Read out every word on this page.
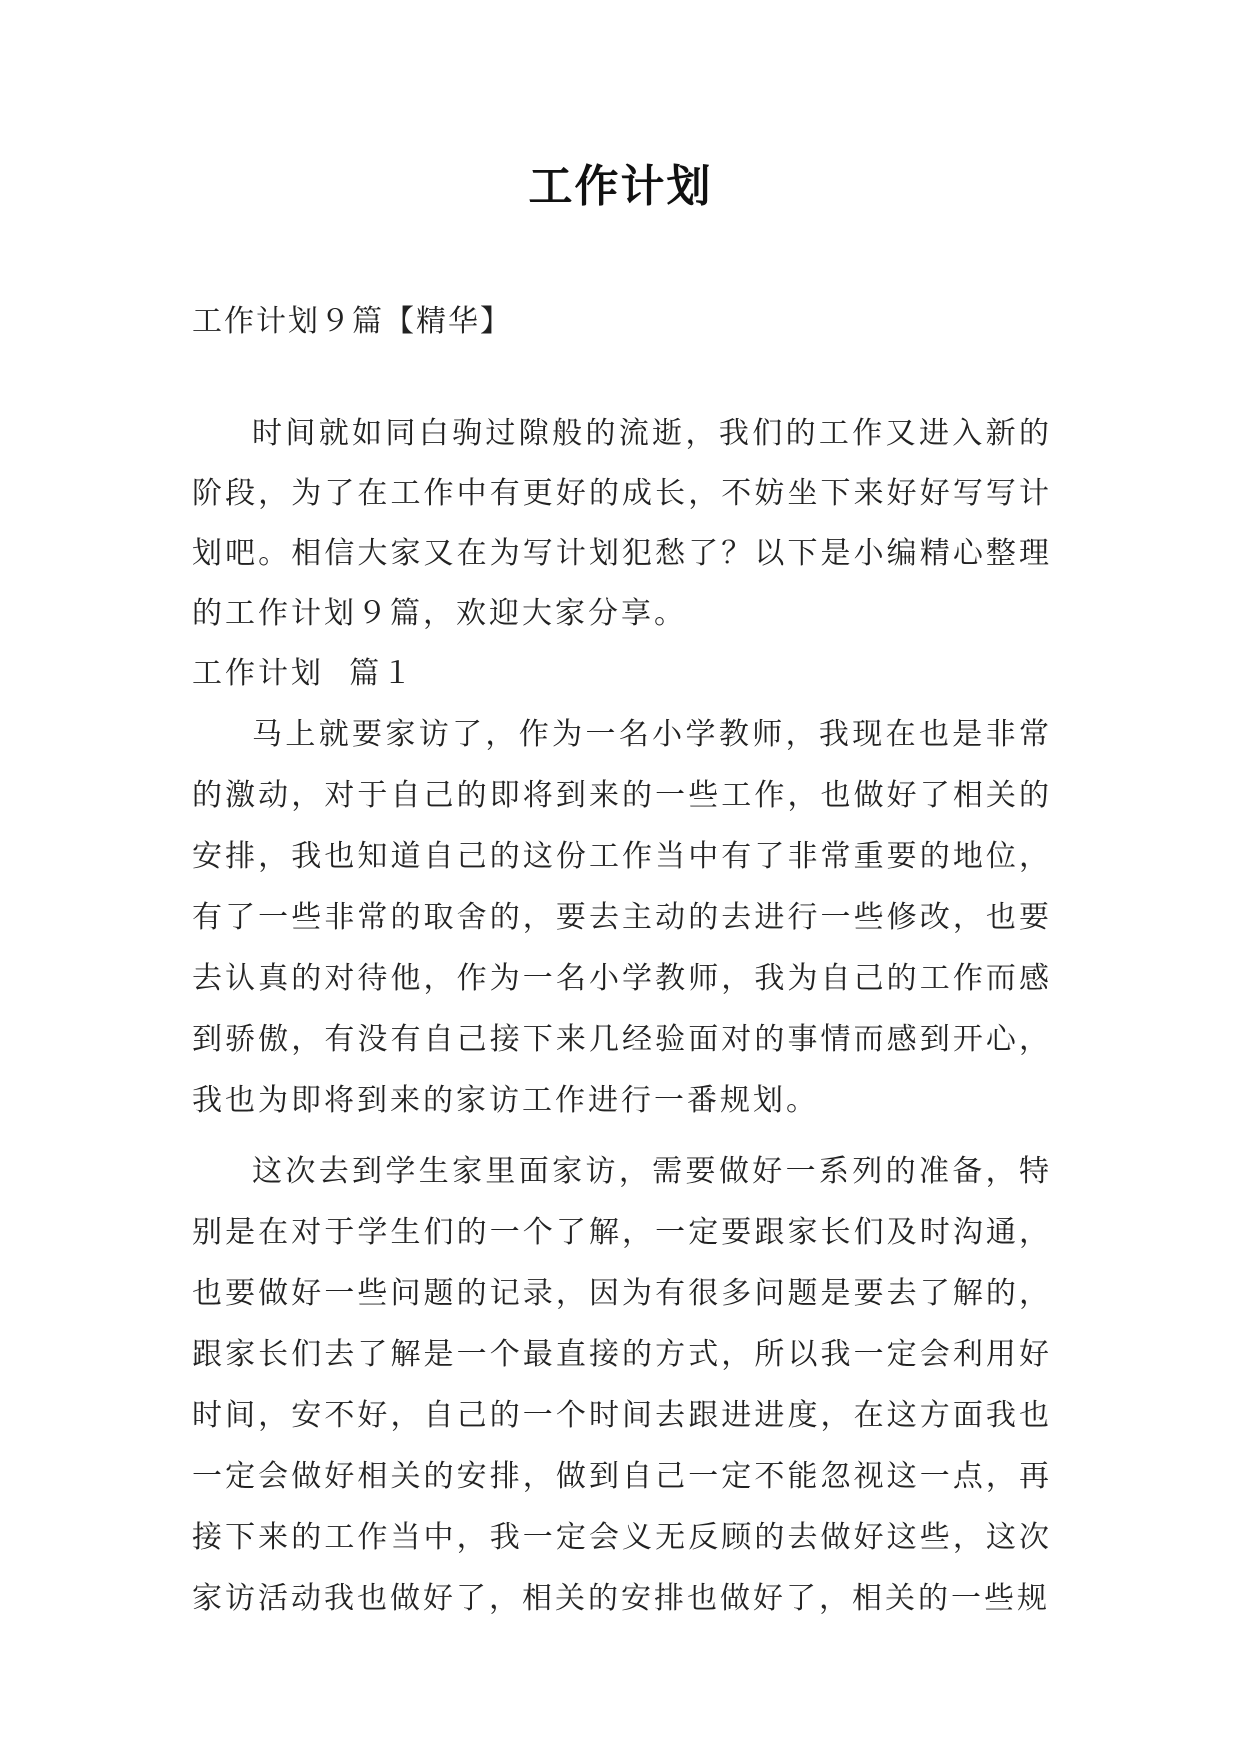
工作计划

工作计划９篇【精华】

时间就如同白驹过隙般的流逝，我们的工作又进入新的阶段，为了在工作中有更好的成长，不妨坐下来好好写写计划吧。相信大家又在为写计划犯愁了？以下是小编精心整理的工作计划９篇，欢迎大家分享。

工作计划  篇１

马上就要家访了，作为一名小学教师，我现在也是非常的激动，对于自己的即将到来的一些工作，也做好了相关的安排，我也知道自己的这份工作当中有了非常重要的地位，有了一些非常的取舍的，要去主动的去进行一些修改，也要去认真的对待他，作为一名小学教师，我为自己的工作而感到骄傲，有没有自己接下来几经验面对的事情而感到开心，我也为即将到来的家访工作进行一番规划。

这次去到学生家里面家访，需要做好一系列的准备，特别是在对于学生们的一个了解，一定要跟家长们及时沟通，也要做好一些问题的记录，因为有很多问题是要去了解的，跟家长们去了解是一个最直接的方式，所以我一定会利用好时间，安不好，自己的一个时间去跟进进度，在这方面我也一定会做好相关的安排，做到自己一定不能忽视这一点，再接下来的工作当中，我一定会义无反顾的去做好这些，这次家访活动我也做好了，相关的安排也做好了，相关的一些规
